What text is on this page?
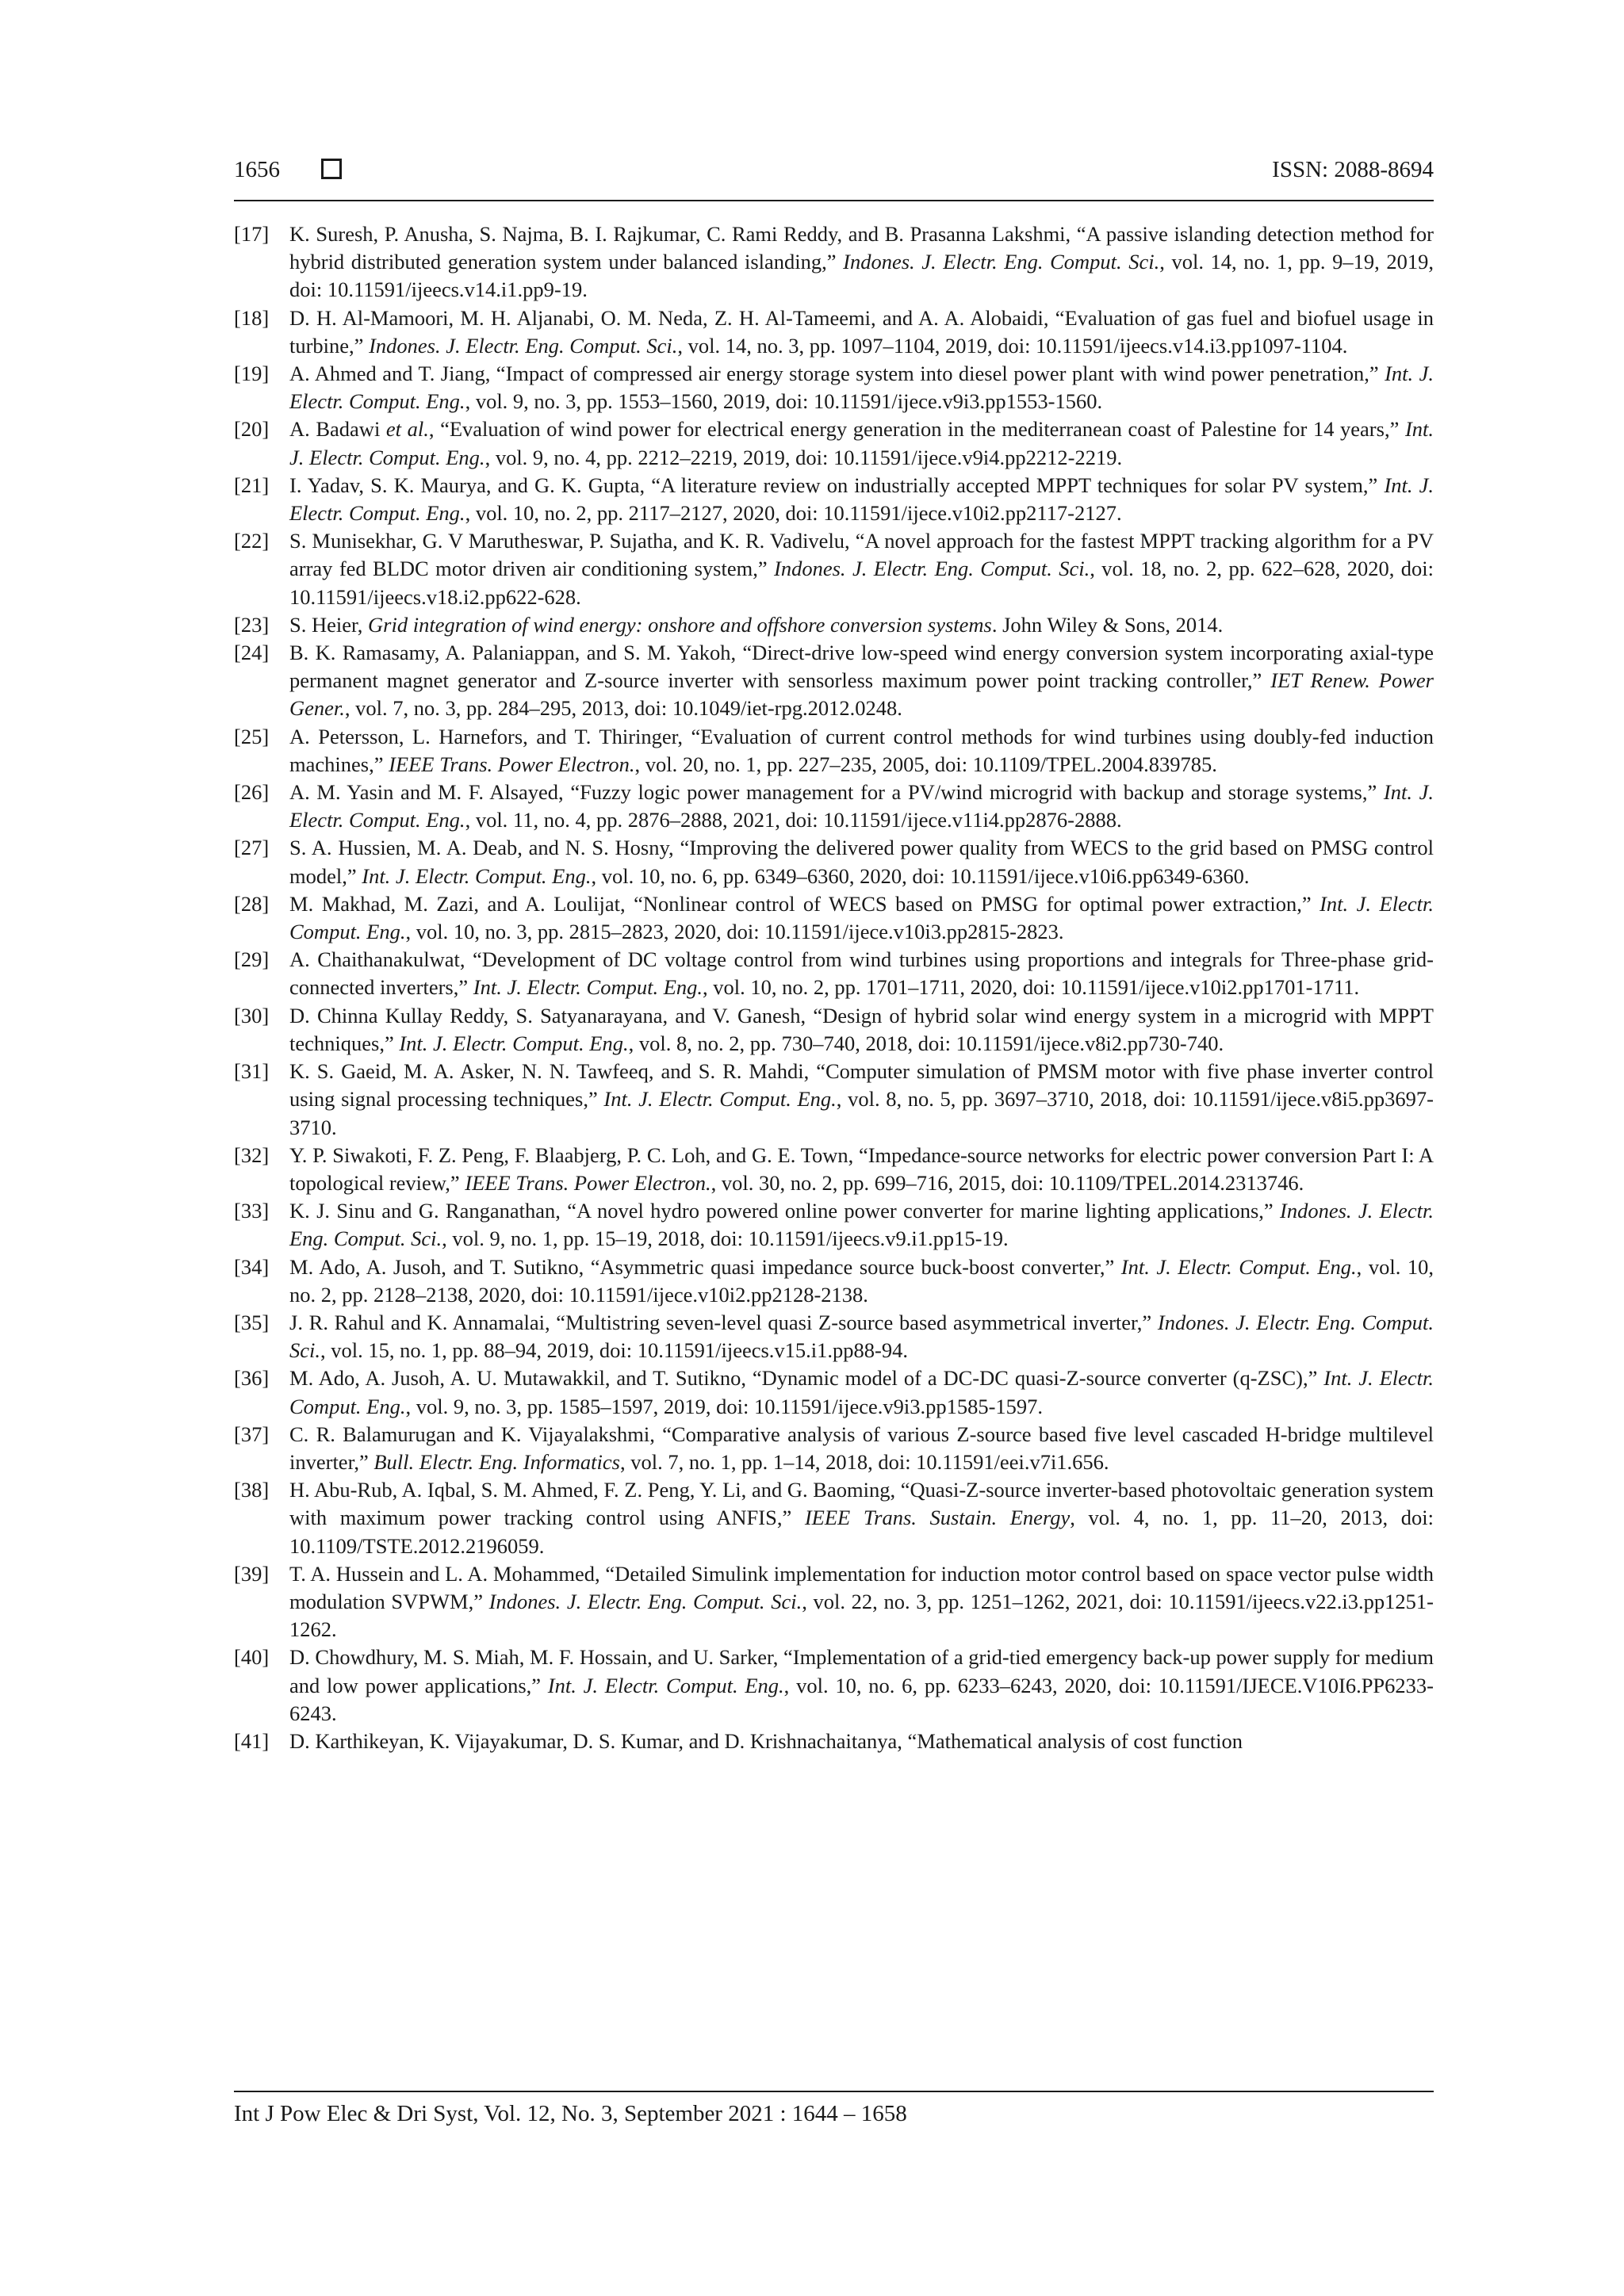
1656	ISSN: 2088-8694
[17] K. Suresh, P. Anusha, S. Najma, B. I. Rajkumar, C. Rami Reddy, and B. Prasanna Lakshmi, “A passive islanding detection method for hybrid distributed generation system under balanced islanding,” Indones. J. Electr. Eng. Comput. Sci., vol. 14, no. 1, pp. 9–19, 2019, doi: 10.11591/ijeecs.v14.i1.pp9-19.
[18] D. H. Al-Mamoori, M. H. Aljanabi, O. M. Neda, Z. H. Al-Tameemi, and A. A. Alobaidi, “Evaluation of gas fuel and biofuel usage in turbine,” Indones. J. Electr. Eng. Comput. Sci., vol. 14, no. 3, pp. 1097–1104, 2019, doi: 10.11591/ijeecs.v14.i3.pp1097-1104.
[19] A. Ahmed and T. Jiang, “Impact of compressed air energy storage system into diesel power plant with wind power penetration,” Int. J. Electr. Comput. Eng., vol. 9, no. 3, pp. 1553–1560, 2019, doi: 10.11591/ijece.v9i3.pp1553-1560.
[20] A. Badawi et al., “Evaluation of wind power for electrical energy generation in the mediterranean coast of Palestine for 14 years,” Int. J. Electr. Comput. Eng., vol. 9, no. 4, pp. 2212–2219, 2019, doi: 10.11591/ijece.v9i4.pp2212-2219.
[21] I. Yadav, S. K. Maurya, and G. K. Gupta, “A literature review on industrially accepted MPPT techniques for solar PV system,” Int. J. Electr. Comput. Eng., vol. 10, no. 2, pp. 2117–2127, 2020, doi: 10.11591/ijece.v10i2.pp2117-2127.
[22] S. Munisekhar, G. V Marutheswar, P. Sujatha, and K. R. Vadivelu, “A novel approach for the fastest MPPT tracking algorithm for a PV array fed BLDC motor driven air conditioning system,” Indones. J. Electr. Eng. Comput. Sci., vol. 18, no. 2, pp. 622–628, 2020, doi: 10.11591/ijeecs.v18.i2.pp622-628.
[23] S. Heier, Grid integration of wind energy: onshore and offshore conversion systems. John Wiley & Sons, 2014.
[24] B. K. Ramasamy, A. Palaniappan, and S. M. Yakoh, “Direct-drive low-speed wind energy conversion system incorporating axial-type permanent magnet generator and Z-source inverter with sensorless maximum power point tracking controller,” IET Renew. Power Gener., vol. 7, no. 3, pp. 284–295, 2013, doi: 10.1049/iet-rpg.2012.0248.
[25] A. Petersson, L. Harnefors, and T. Thiringer, “Evaluation of current control methods for wind turbines using doubly-fed induction machines,” IEEE Trans. Power Electron., vol. 20, no. 1, pp. 227–235, 2005, doi: 10.1109/TPEL.2004.839785.
[26] A. M. Yasin and M. F. Alsayed, “Fuzzy logic power management for a PV/wind microgrid with backup and storage systems,” Int. J. Electr. Comput. Eng., vol. 11, no. 4, pp. 2876–2888, 2021, doi: 10.11591/ijece.v11i4.pp2876-2888.
[27] S. A. Hussien, M. A. Deab, and N. S. Hosny, “Improving the delivered power quality from WECS to the grid based on PMSG control model,” Int. J. Electr. Comput. Eng., vol. 10, no. 6, pp. 6349–6360, 2020, doi: 10.11591/ijece.v10i6.pp6349-6360.
[28] M. Makhad, M. Zazi, and A. Loulijat, “Nonlinear control of WECS based on PMSG for optimal power extraction,” Int. J. Electr. Comput. Eng., vol. 10, no. 3, pp. 2815–2823, 2020, doi: 10.11591/ijece.v10i3.pp2815-2823.
[29] A. Chaithanakulwat, “Development of DC voltage control from wind turbines using proportions and integrals for Three-phase grid-connected inverters,” Int. J. Electr. Comput. Eng., vol. 10, no. 2, pp. 1701–1711, 2020, doi: 10.11591/ijece.v10i2.pp1701-1711.
[30] D. Chinna Kullay Reddy, S. Satyanarayana, and V. Ganesh, “Design of hybrid solar wind energy system in a microgrid with MPPT techniques,” Int. J. Electr. Comput. Eng., vol. 8, no. 2, pp. 730–740, 2018, doi: 10.11591/ijece.v8i2.pp730-740.
[31] K. S. Gaeid, M. A. Asker, N. N. Tawfeeq, and S. R. Mahdi, “Computer simulation of PMSM motor with five phase inverter control using signal processing techniques,” Int. J. Electr. Comput. Eng., vol. 8, no. 5, pp. 3697–3710, 2018, doi: 10.11591/ijece.v8i5.pp3697-3710.
[32] Y. P. Siwakoti, F. Z. Peng, F. Blaabjerg, P. C. Loh, and G. E. Town, “Impedance-source networks for electric power conversion Part I: A topological review,” IEEE Trans. Power Electron., vol. 30, no. 2, pp. 699–716, 2015, doi: 10.1109/TPEL.2014.2313746.
[33] K. J. Sinu and G. Ranganathan, “A novel hydro powered online power converter for marine lighting applications,” Indones. J. Electr. Eng. Comput. Sci., vol. 9, no. 1, pp. 15–19, 2018, doi: 10.11591/ijeecs.v9.i1.pp15-19.
[34] M. Ado, A. Jusoh, and T. Sutikno, “Asymmetric quasi impedance source buck-boost converter,” Int. J. Electr. Comput. Eng., vol. 10, no. 2, pp. 2128–2138, 2020, doi: 10.11591/ijece.v10i2.pp2128-2138.
[35] J. R. Rahul and K. Annamalai, “Multistring seven-level quasi Z-source based asymmetrical inverter,” Indones. J. Electr. Eng. Comput. Sci., vol. 15, no. 1, pp. 88–94, 2019, doi: 10.11591/ijeecs.v15.i1.pp88-94.
[36] M. Ado, A. Jusoh, A. U. Mutawakkil, and T. Sutikno, “Dynamic model of a DC-DC quasi-Z-source converter (q-ZSC),” Int. J. Electr. Comput. Eng., vol. 9, no. 3, pp. 1585–1597, 2019, doi: 10.11591/ijece.v9i3.pp1585-1597.
[37] C. R. Balamurugan and K. Vijayalakshmi, “Comparative analysis of various Z-source based five level cascaded H-bridge multilevel inverter,” Bull. Electr. Eng. Informatics, vol. 7, no. 1, pp. 1–14, 2018, doi: 10.11591/eei.v7i1.656.
[38] H. Abu-Rub, A. Iqbal, S. M. Ahmed, F. Z. Peng, Y. Li, and G. Baoming, “Quasi-Z-source inverter-based photovoltaic generation system with maximum power tracking control using ANFIS,” IEEE Trans. Sustain. Energy, vol. 4, no. 1, pp. 11–20, 2013, doi: 10.1109/TSTE.2012.2196059.
[39] T. A. Hussein and L. A. Mohammed, “Detailed Simulink implementation for induction motor control based on space vector pulse width modulation SVPWM,” Indones. J. Electr. Eng. Comput. Sci., vol. 22, no. 3, pp. 1251–1262, 2021, doi: 10.11591/ijeecs.v22.i3.pp1251-1262.
[40] D. Chowdhury, M. S. Miah, M. F. Hossain, and U. Sarker, “Implementation of a grid-tied emergency back-up power supply for medium and low power applications,” Int. J. Electr. Comput. Eng., vol. 10, no. 6, pp. 6233–6243, 2020, doi: 10.11591/IJECE.V10I6.PP6233-6243.
[41] D. Karthikeyan, K. Vijayakumar, D. S. Kumar, and D. Krishnachaitanya, “Mathematical analysis of cost function
Int J Pow Elec & Dri Syst, Vol. 12, No. 3, September 2021 : 1644 – 1658
